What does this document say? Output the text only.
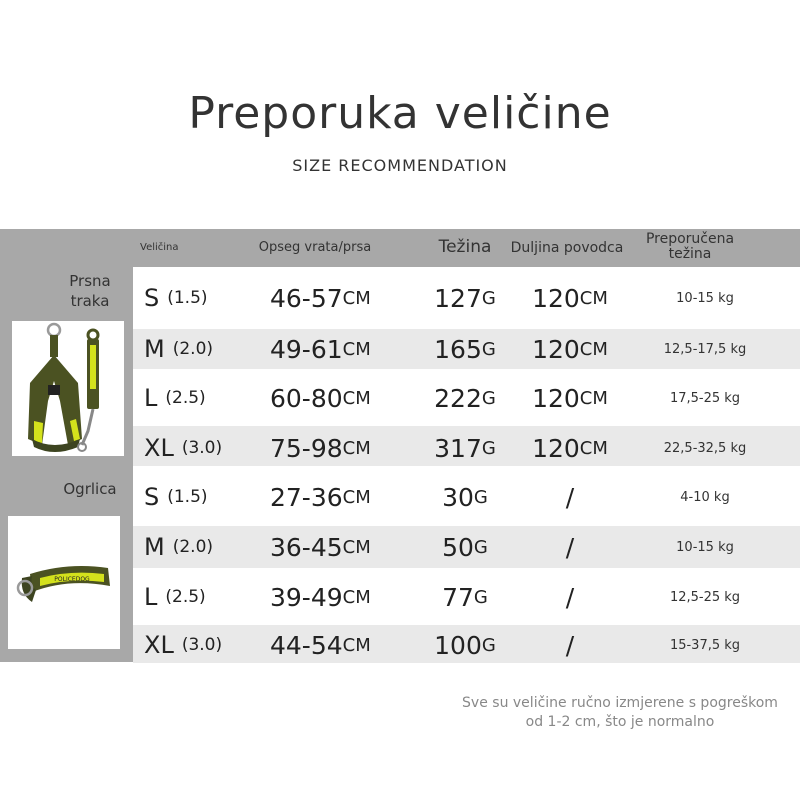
Preporuka veličine
SIZE RECOMMENDATION
Veličina	Opseg vrata/prsa	Težina	Duljina povodca
Preporučena težina
Prsna traka
Ogrlica
POLICEDOG
S (1.5) 46-57 CM	127 G 120 CM	10-15 kg
M (2.0) 49-61 CM	165 G 120 CM	12,5-17,5 kg
L (2.5)	60-80 CM	222 G 120 CM	17,5-25 kg
XL (3.0) 75-98 CM	317 G 120 CM	22,5-32,5 kg
S (1.5) 27-36 CM	30 G	/	4-10 kg
M (2.0) 36-45 CM	50 G	/	10-15 kg
L (2.5)	39-49 CM	77 G	/	12,5-25 kg
XL (3.0) 44-54 CM	100 G	/	15-37,5 kg
Sve su veličine ručno izmjerene s pogreškom od 1-2 cm, što je normalno
